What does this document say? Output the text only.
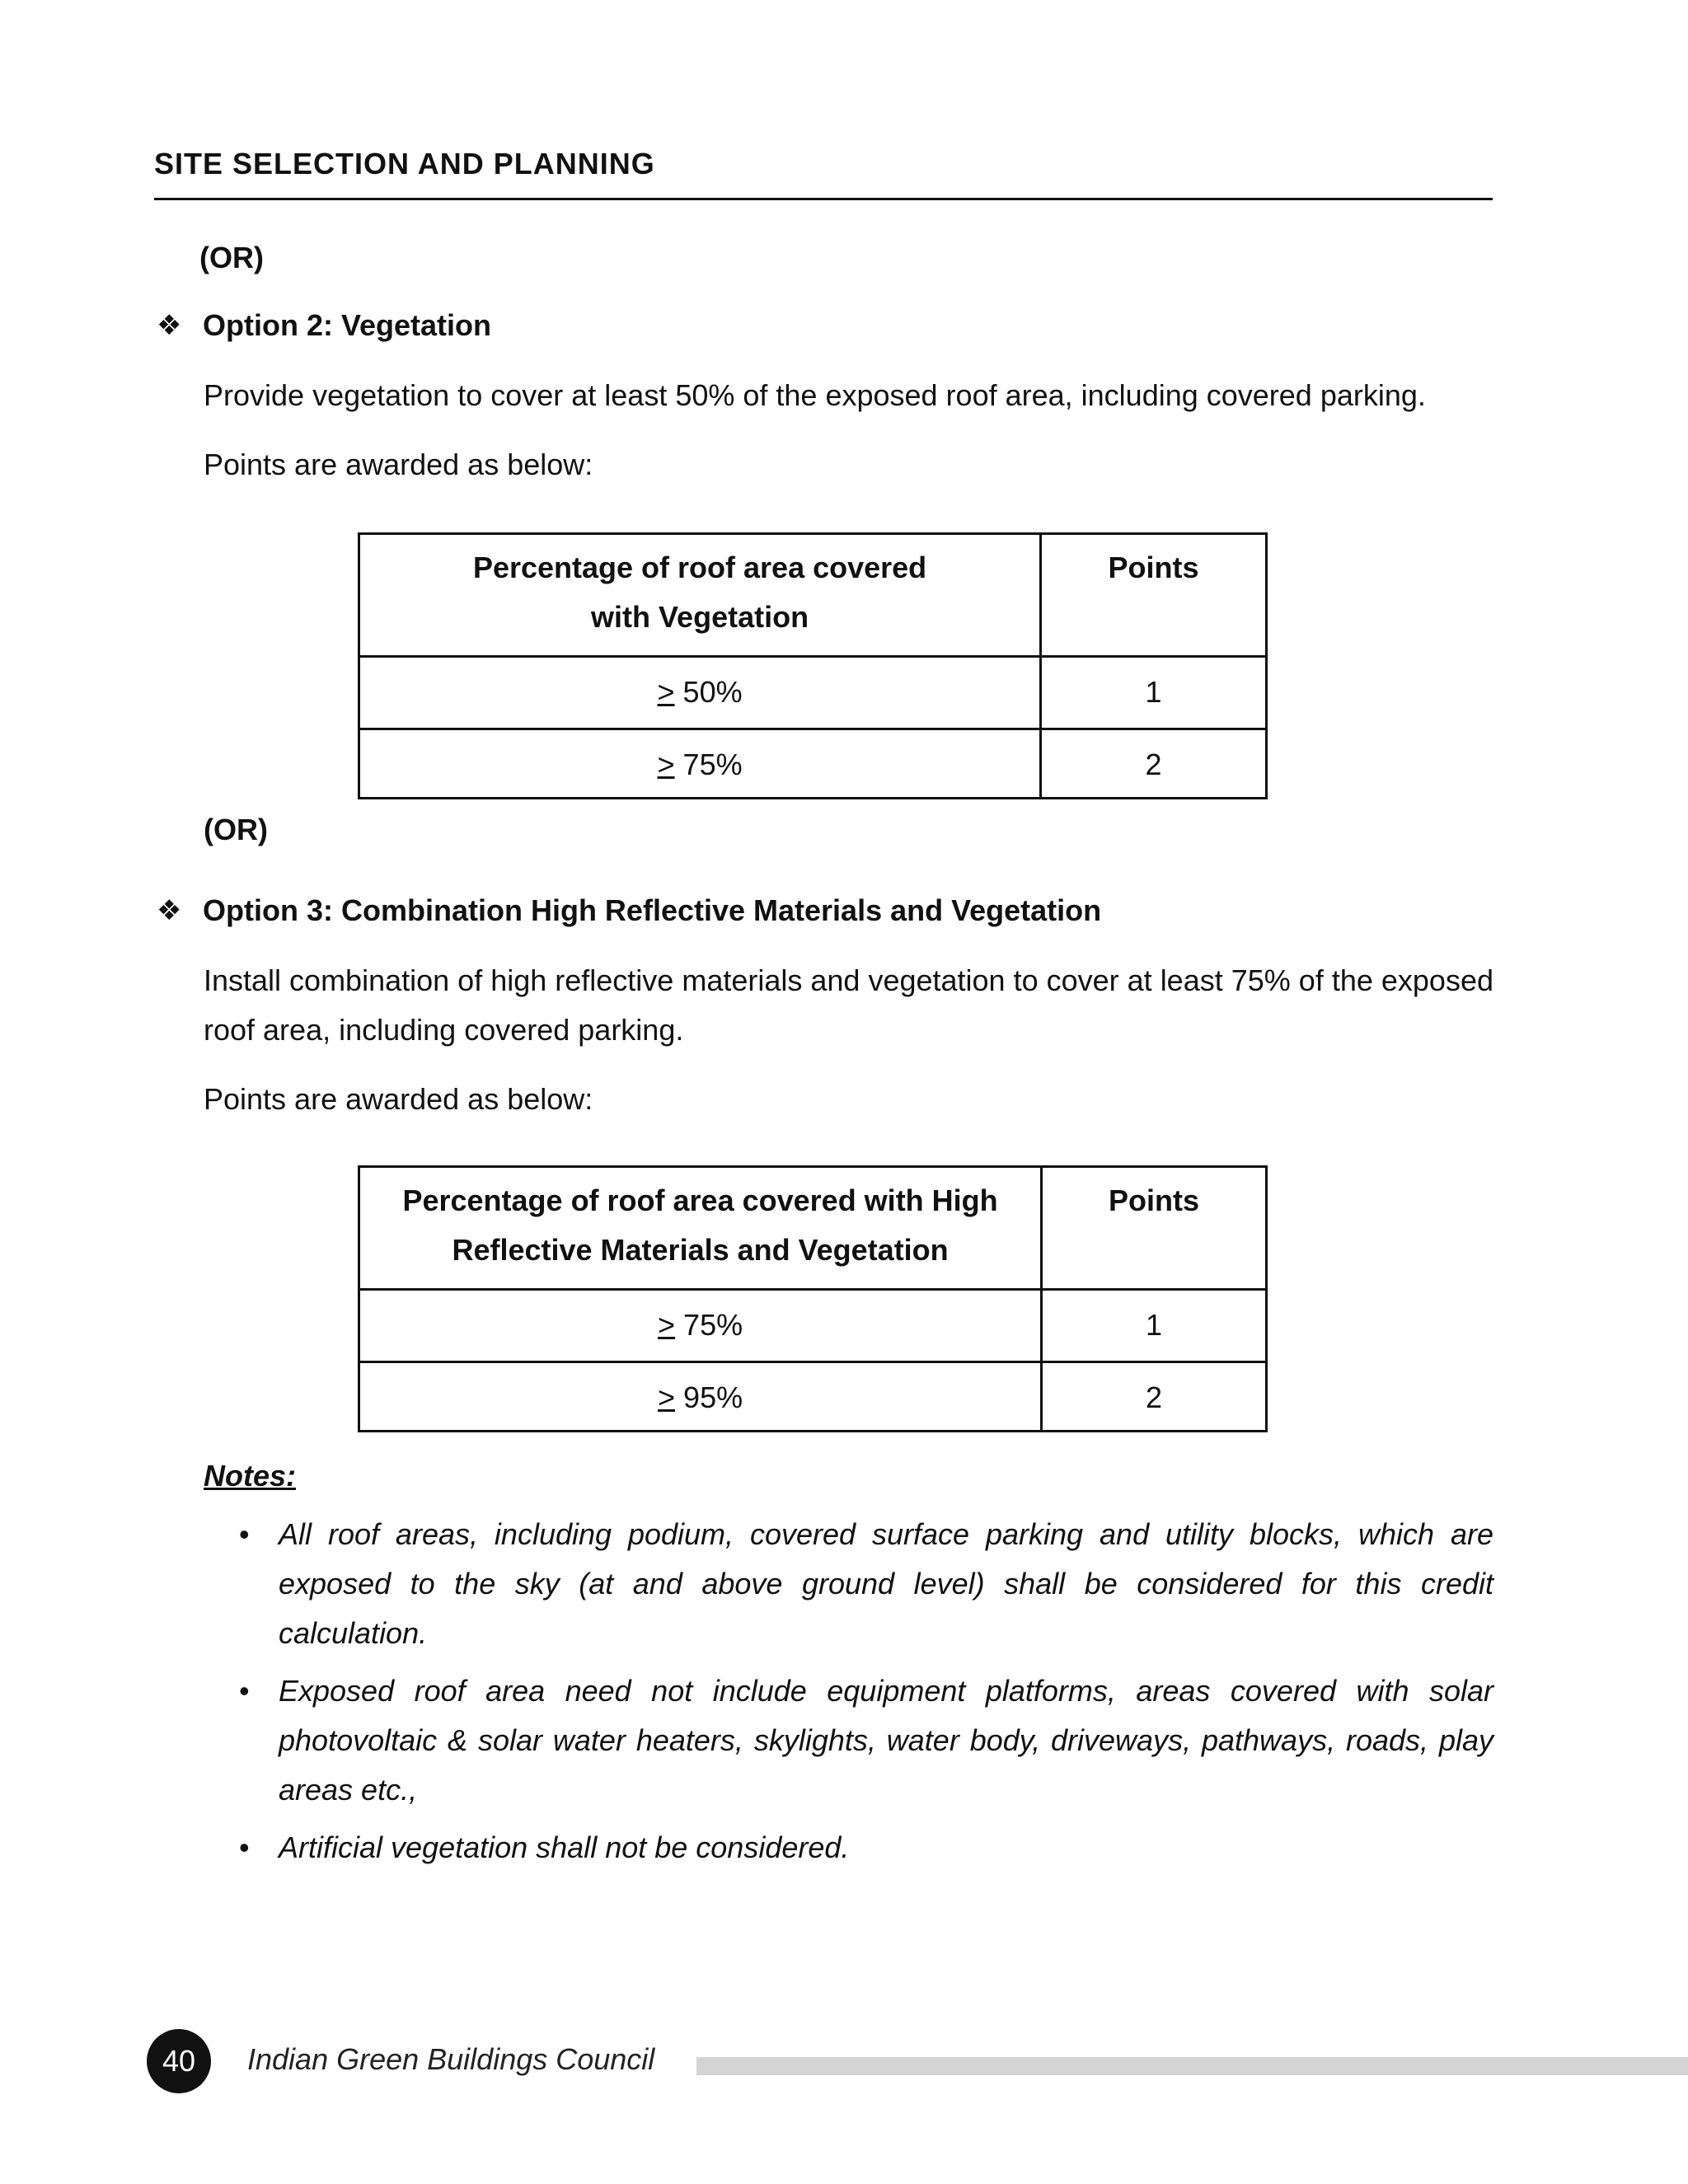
SITE SELECTION AND PLANNING
(OR)
❖ Option 2: Vegetation
Provide vegetation to cover at least 50% of the exposed roof area, including covered parking.
Points are awarded as below:
Percentage of roof area covered with Vegetation	Points
> 50%	1
> 75%	2
(OR)
❖ Option 3: Combination High Reflective Materials and Vegetation
Install combination of high reflective materials and vegetation to cover at least 75% of the exposed roof area, including covered parking.
Points are awarded as below:
Percentage of roof area covered with High Reflective Materials and Vegetation	Points
> 75%	1
> 95%	2
Notes:
• All roof areas, including podium, covered surface parking and utility blocks, which are exposed to the sky (at and above ground level) shall be considered for this credit calculation.
• Exposed roof area need not include equipment platforms, areas covered with solar photovoltaic & solar water heaters, skylights, water body, driveways, pathways, roads, play areas etc.,
• Artificial vegetation shall not be considered.
40	Indian Green Buildings Council
